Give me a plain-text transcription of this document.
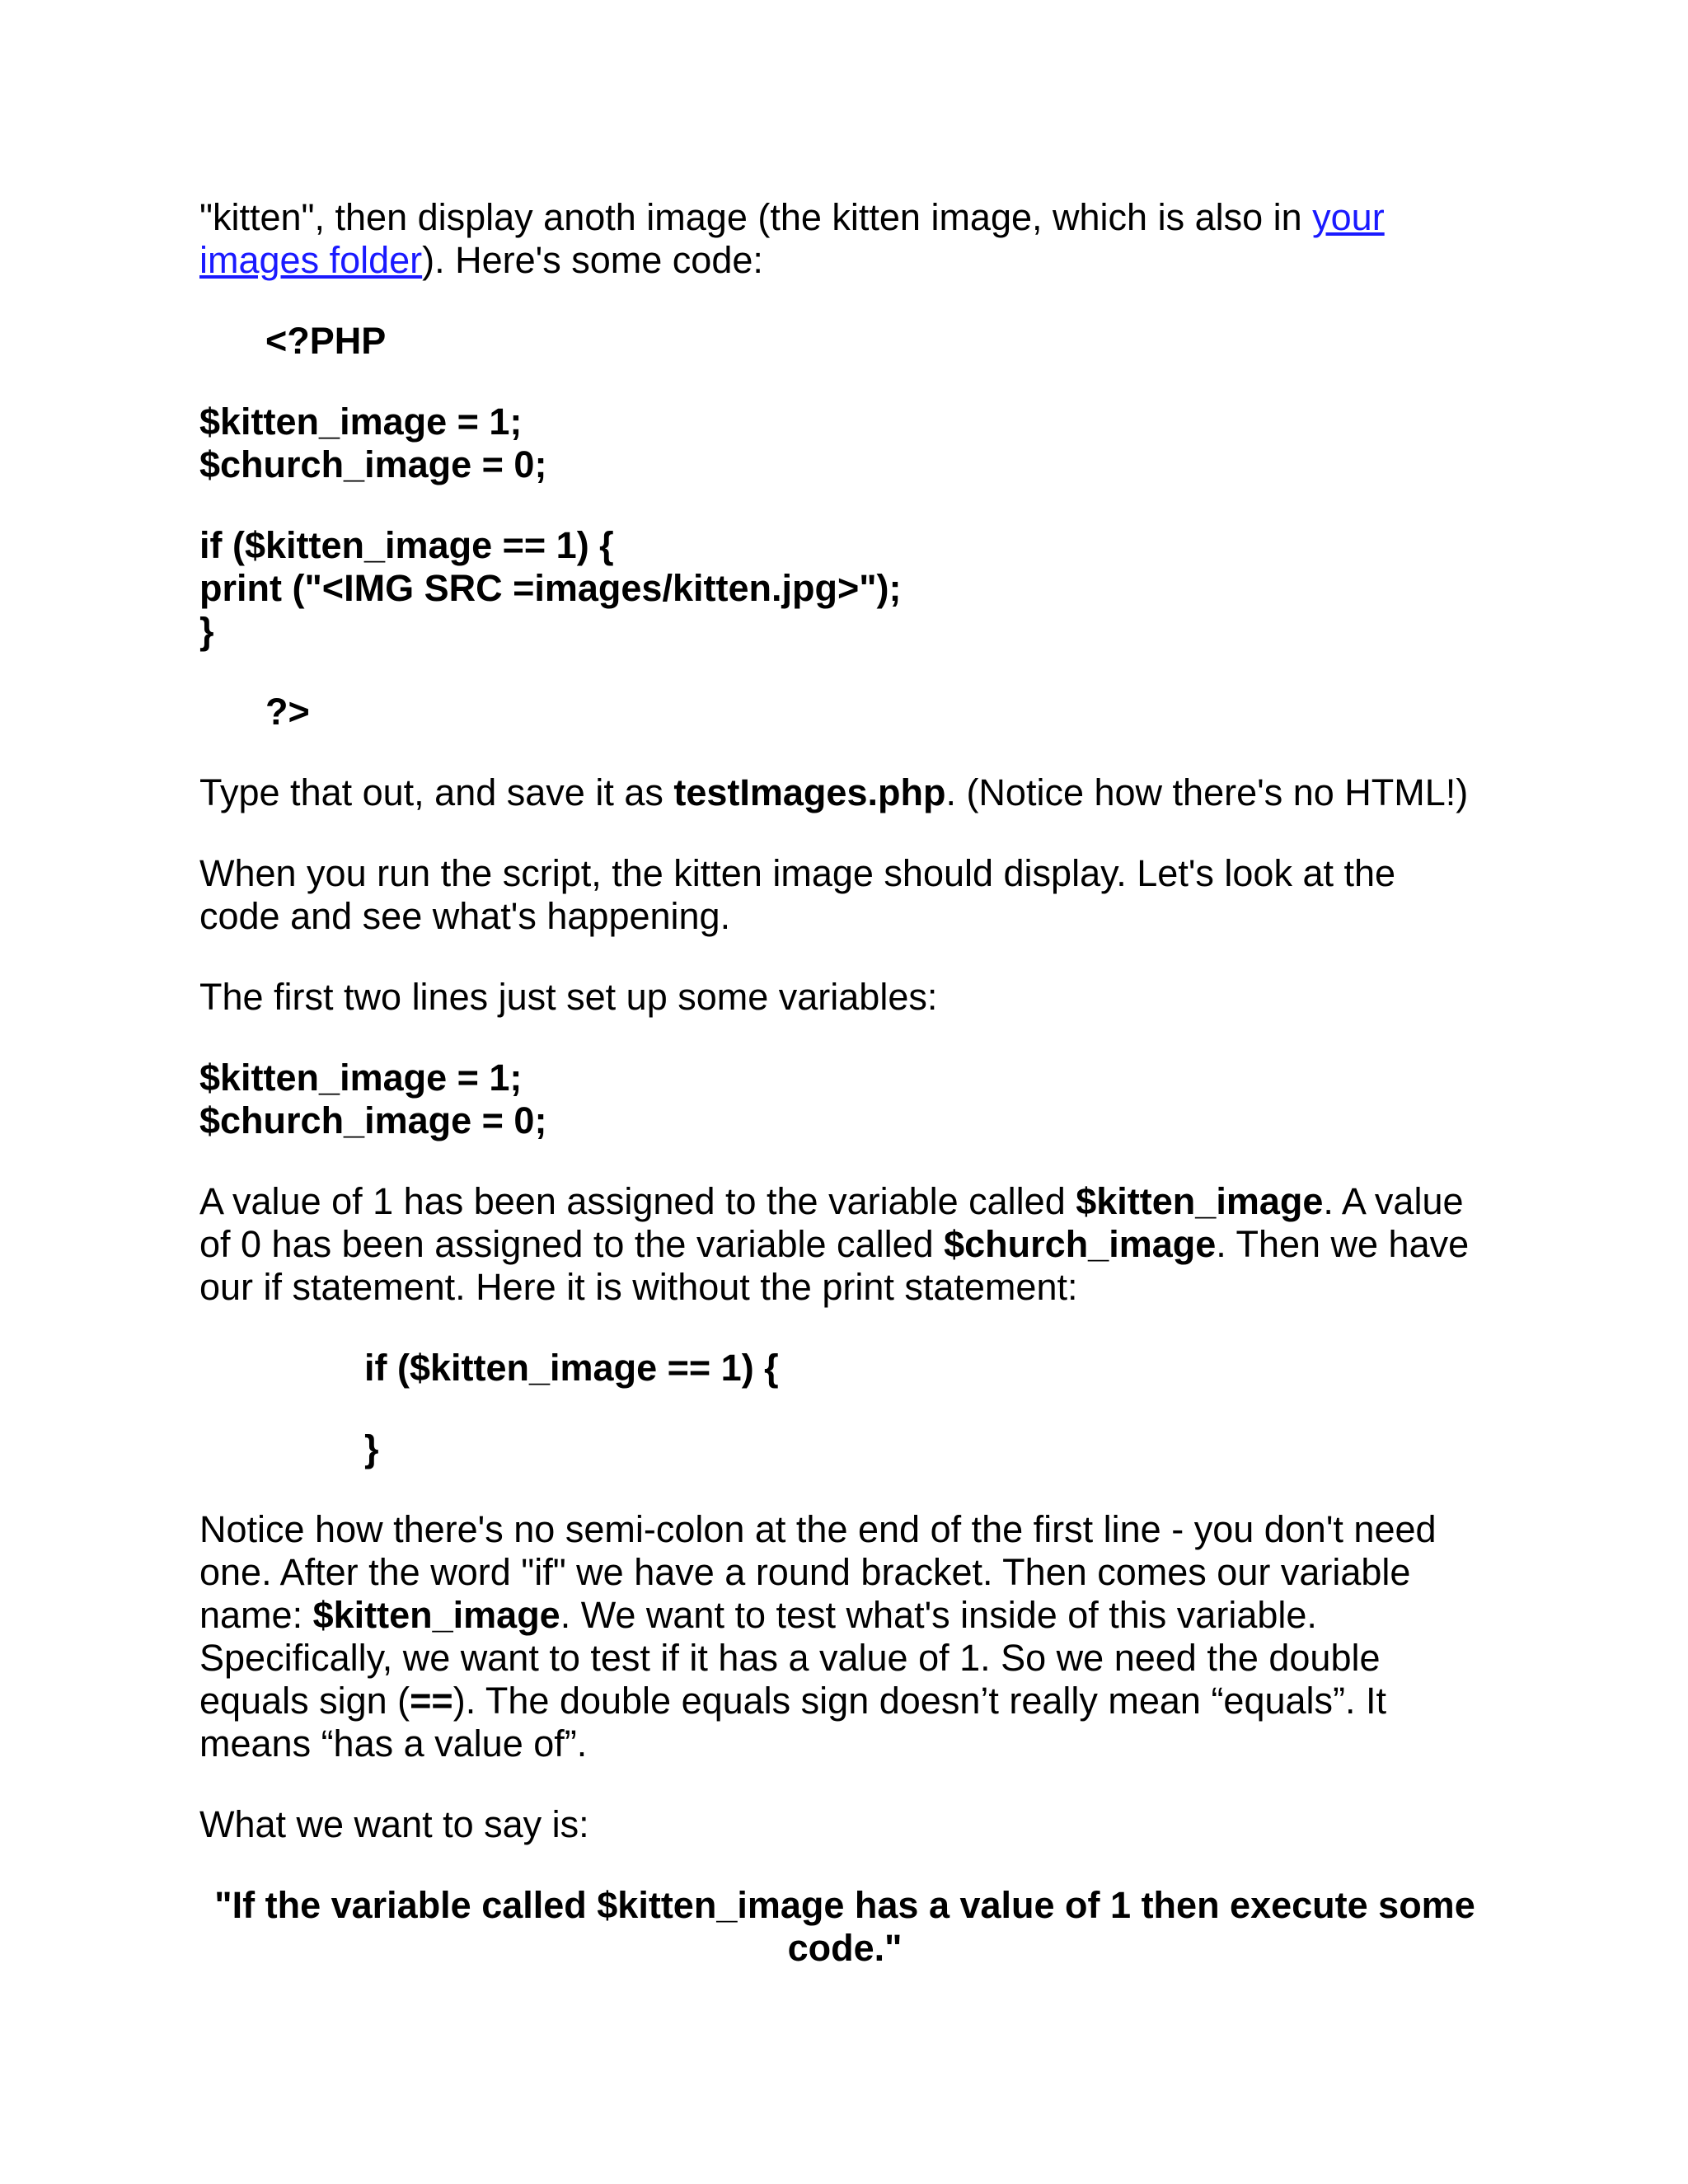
"kitten", then display anoth image (the kitten image, which is also in your
images folder). Here's some code:
<?PHP
$kitten_image = 1;
$church_image = 0;
if ($kitten_image == 1) {
print ("<IMG SRC =images/kitten.jpg>");
}
?>
Type that out, and save it as testImages.php. (Notice how there's no HTML!)
When you run the script, the kitten image should display. Let's look at the
code and see what's happening.
The first two lines just set up some variables:
$kitten_image = 1;
$church_image = 0;
A value of 1 has been assigned to the variable called $kitten_image. A value
of 0 has been assigned to the variable called $church_image. Then we have
our if statement. Here it is without the print statement:
if ($kitten_image == 1) {
}
Notice how there's no semi-colon at the end of the first line - you don't need
one. After the word "if" we have a round bracket. Then comes our variable
name: $kitten_image. We want to test what's inside of this variable.
Specifically, we want to test if it has a value of 1. So we need the double
equals sign (==). The double equals sign doesn’t really mean “equals”. It
means “has a value of”.
What we want to say is:
"If the variable called $kitten_image has a value of 1 then execute some
code."
